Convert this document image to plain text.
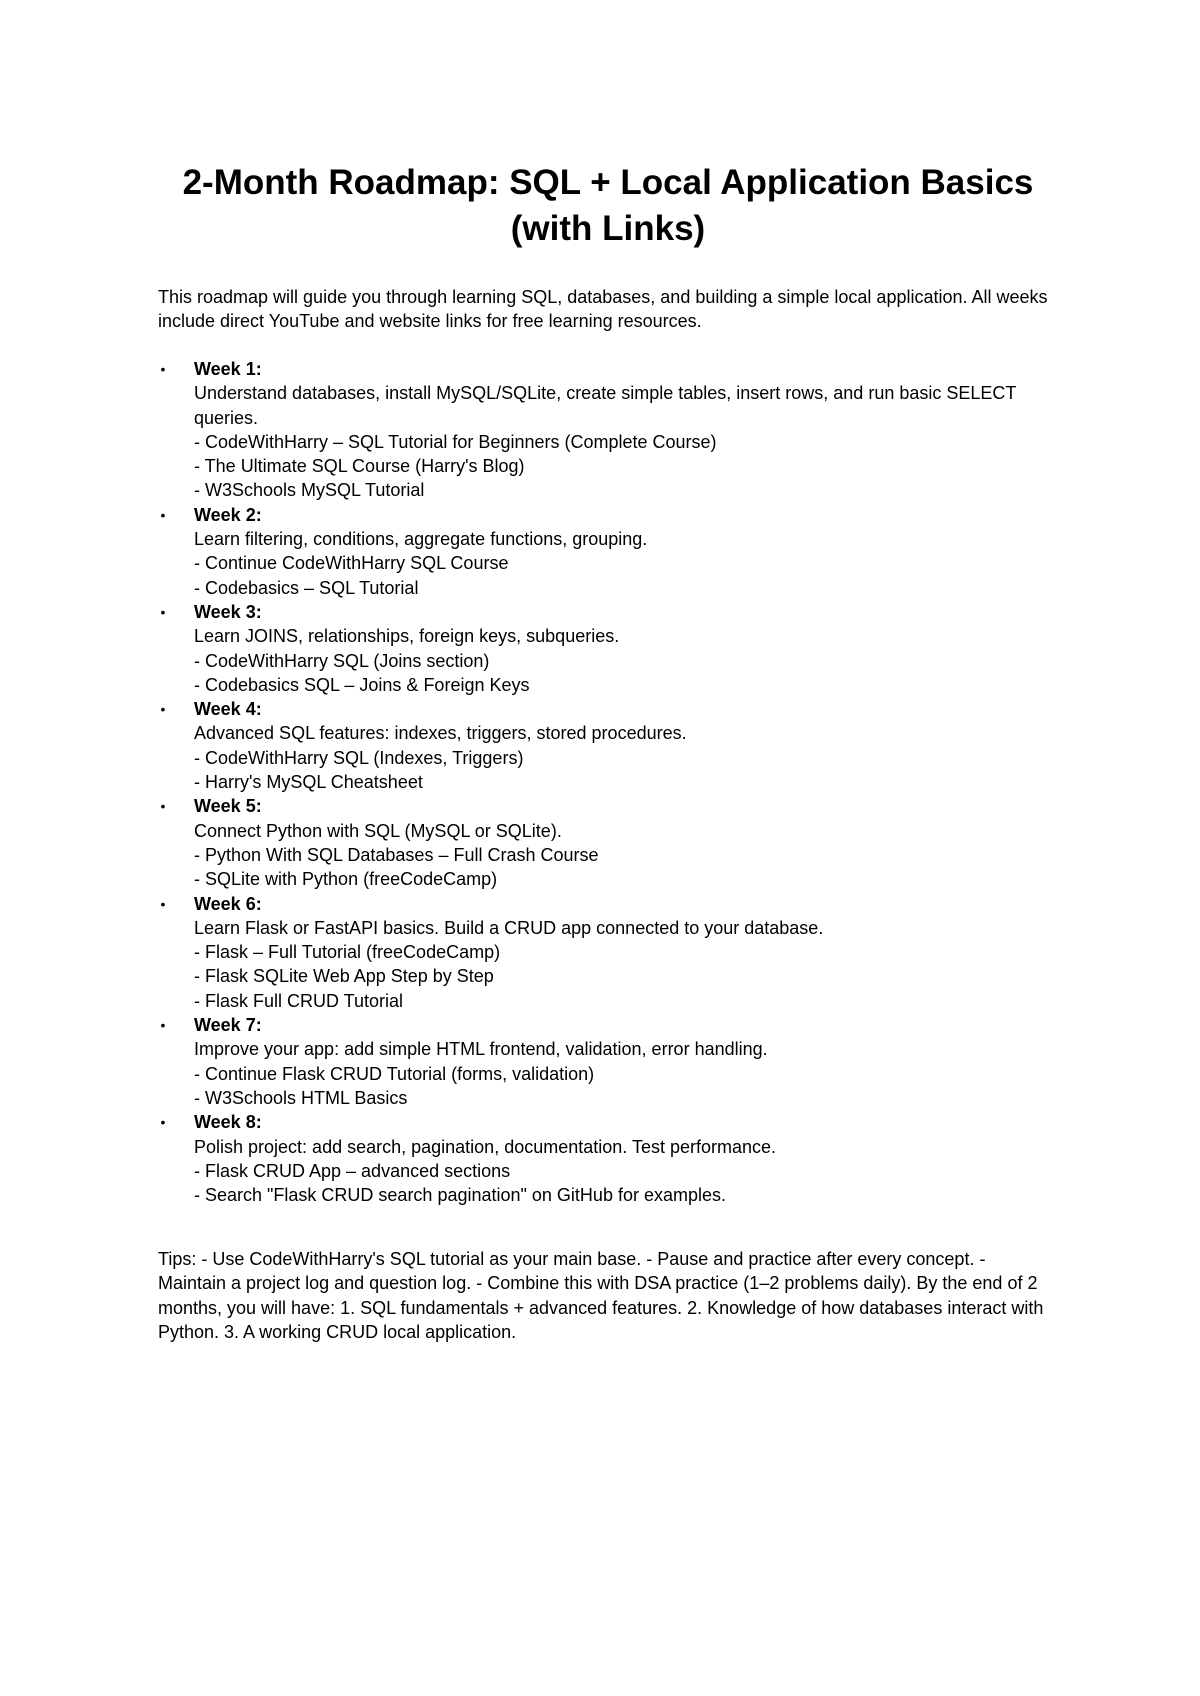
2-Month Roadmap: SQL + Local Application Basics
(with Links)

This roadmap will guide you through learning SQL, databases, and building a simple local application. All weeks include direct YouTube and website links for free learning resources.

• Week 1:
Understand databases, install MySQL/SQLite, create simple tables, insert rows, and run basic SELECT queries.
- CodeWithHarry – SQL Tutorial for Beginners (Complete Course)
- The Ultimate SQL Course (Harry's Blog)
- W3Schools MySQL Tutorial
• Week 2:
Learn filtering, conditions, aggregate functions, grouping.
- Continue CodeWithHarry SQL Course
- Codebasics – SQL Tutorial
• Week 3:
Learn JOINS, relationships, foreign keys, subqueries.
- CodeWithHarry SQL (Joins section)
- Codebasics SQL – Joins & Foreign Keys
• Week 4:
Advanced SQL features: indexes, triggers, stored procedures.
- CodeWithHarry SQL (Indexes, Triggers)
- Harry's MySQL Cheatsheet
• Week 5:
Connect Python with SQL (MySQL or SQLite).
- Python With SQL Databases – Full Crash Course
- SQLite with Python (freeCodeCamp)
• Week 6:
Learn Flask or FastAPI basics. Build a CRUD app connected to your database.
- Flask – Full Tutorial (freeCodeCamp)
- Flask SQLite Web App Step by Step
- Flask Full CRUD Tutorial
• Week 7:
Improve your app: add simple HTML frontend, validation, error handling.
- Continue Flask CRUD Tutorial (forms, validation)
- W3Schools HTML Basics
• Week 8:
Polish project: add search, pagination, documentation. Test performance.
- Flask CRUD App – advanced sections
- Search "Flask CRUD search pagination" on GitHub for examples.

Tips: - Use CodeWithHarry's SQL tutorial as your main base. - Pause and practice after every concept. - Maintain a project log and question log. - Combine this with DSA practice (1–2 problems daily). By the end of 2 months, you will have: 1. SQL fundamentals + advanced features. 2. Knowledge of how databases interact with Python. 3. A working CRUD local application.
